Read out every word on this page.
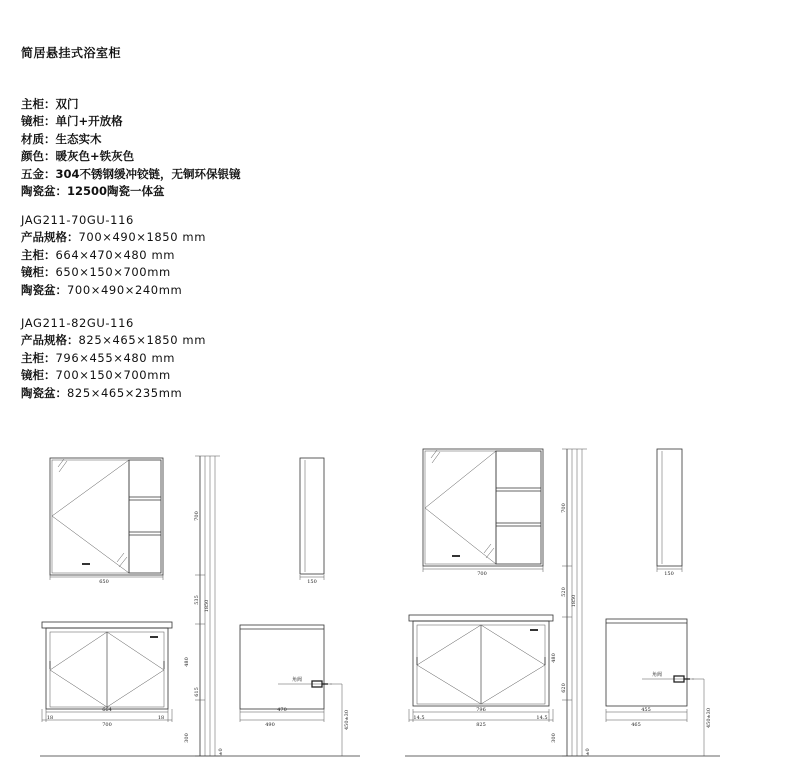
简居悬挂式浴室柜
主柜：双门
镜柜：单门+开放格
材质：生态实木
颜色：暖灰色+铁灰色
五金：304不锈钢缓冲铰链，无铜环保银镜
陶瓷盆：12500陶瓷一体盆
JAG211-70GU-116
产品规格：700×490×1850 mm
主柜：664×470×480 mm
镜柜：650×150×700mm
陶瓷盆：700×490×240mm
JAG211-82GU-116
产品规格：825×465×1850 mm
主柜：796×455×480 mm
镜柜：700×150×700mm
陶瓷盆：825×465×235mm
650
700
535 1850
480
615
300
±0
150
664
18	18
700
470
490
角阀
450±30
700
700
520
1850
480
620
300
±0
150
796
14.5	14.5
825
455
465
角阀
450±30
